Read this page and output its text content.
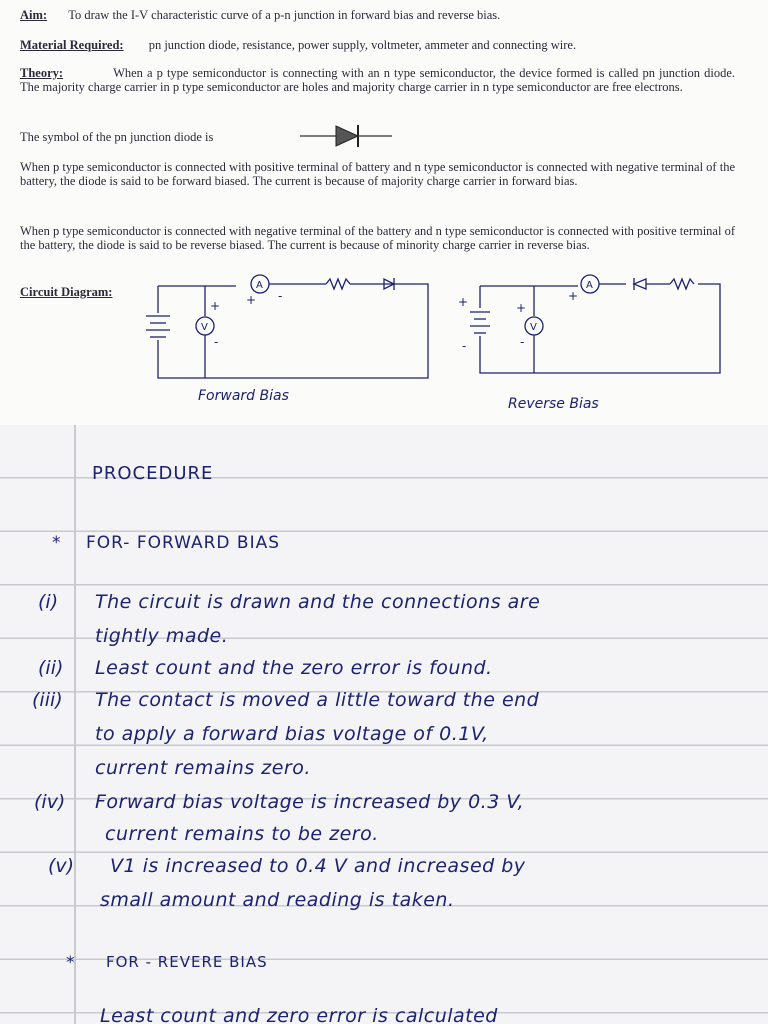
Aim: To draw the I-V characteristic curve of a p-n junction in forward bias and reverse bias.
Material Required: pn junction diode, resistance, power supply, voltmeter, ammeter and connecting wire.
Theory:	When a p type semiconductor is connecting with an n type semiconductor, the device formed is called pn junction diode. The majority charge carrier in p type semiconductor are holes and majority charge carrier in n type semiconductor are free electrons.
The symbol of the pn junction diode is
When p type semiconductor is connected with positive terminal of battery and n type semiconductor is connected with negative terminal of the battery, the diode is said to be forward biased. The current is because of majority charge carrier in forward bias.
When p type semiconductor is connected with negative terminal of the battery and n type semiconductor is connected with positive terminal of the battery, the diode is said to be reverse biased. The current is because of minority charge carrier in reverse bias.
Circuit Diagram:	A
V
+ -
+
-
Forward Bias
A
V
+
-
+
-
+
Reverse Bias
PROCEDURE
* FOR- FORWARD BIAS
(i) The circuit is drawn and the connections are
tightly made.
(ii) Least count and the zero error is found.
(iii) The contact is moved a little toward the end
to apply a forward bias voltage of 0.1V,
current remains zero.
(iv) Forward bias voltage is increased by 0.3 V,
current remains to be zero.
(v) V1 is increased to 0.4 V and increased by
small amount and reading is taken.
* FOR - REVERE BIAS
Least count and zero error is calculated
